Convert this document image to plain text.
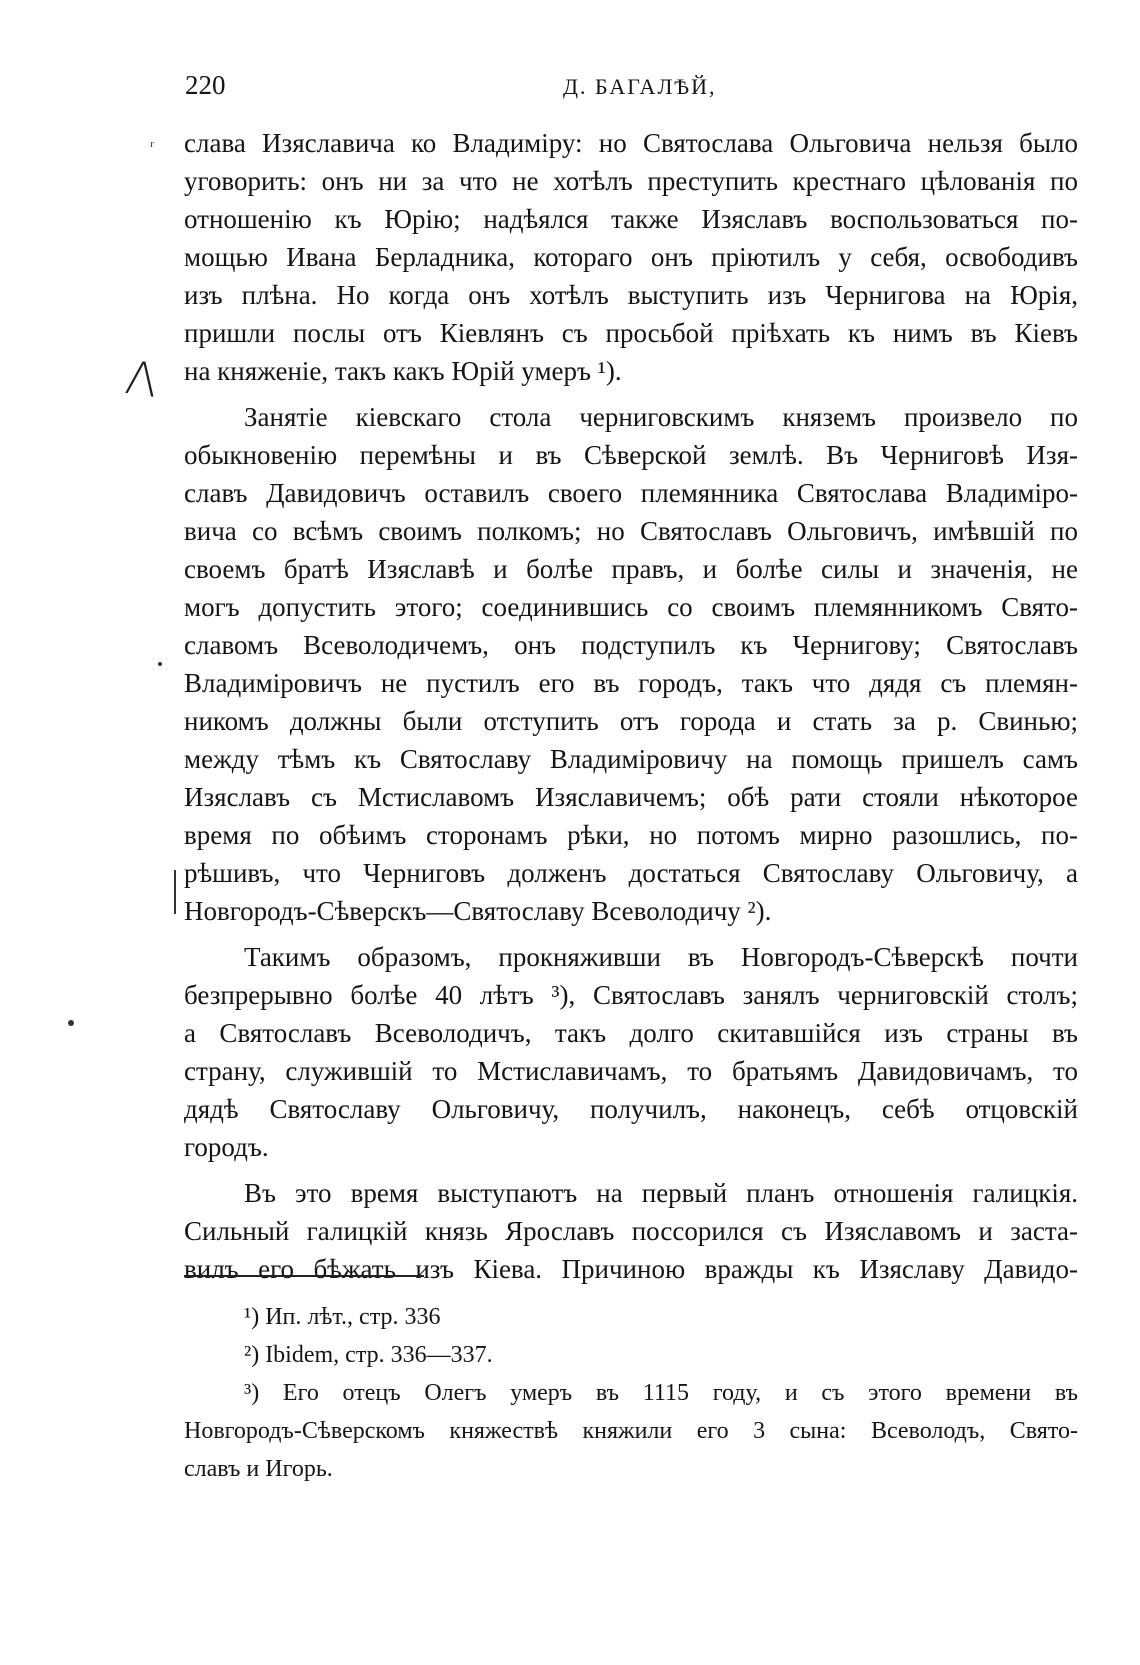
220	Д. БАГАЛѢЙ,
ʳ
Λ
слава Изяславича ко Владиміру: но Святослава Ольговича нельзя было
уговорить: онъ ни за что не хотѣлъ преступить крестнаго цѣлованія по
отношенію къ Юрію; надѣялся также Изяславъ воспользоваться по-
мощью Ивана Берладника, котораго онъ пріютилъ у себя, освободивъ
изъ плѣна. Но когда онъ хотѣлъ выступить изъ Чернигова на Юрія,
пришли послы отъ Кіевлянъ съ просьбой пріѣхать къ нимъ въ Кіевъ
на княженіе, такъ какъ Юрій умеръ ¹).
Занятіе кіевскаго стола черниговскимъ княземъ произвело по
обыкновенію перемѣны и въ Сѣверской землѣ. Въ Черниговѣ Изя-
славъ Давидовичъ оставилъ своего племянника Святослава Владиміро-
вича со всѣмъ своимъ полкомъ; но Святославъ Ольговичъ, имѣвшій по
своемъ братѣ Изяславѣ и болѣе правъ, и болѣе силы и значенія, не
могъ допустить этого; соединившись со своимъ племянникомъ Свято-
славомъ Всеволодичемъ, онъ подступилъ къ Чернигову; Святославъ
Владиміровичъ не пустилъ его въ городъ, такъ что дядя съ племян-
никомъ должны были отступить отъ города и стать за р. Свинью;
между тѣмъ къ Святославу Владиміровичу на помощь пришелъ самъ
Изяславъ съ Мстиславомъ Изяславичемъ; обѣ рати стояли нѣкоторое
время по обѣимъ сторонамъ рѣки, но потомъ мирно разошлись, по-
рѣшивъ, что Черниговъ долженъ достаться Святославу Ольговичу, а
Новгородъ-Сѣверскъ—Святославу Всеволодичу ²).
Такимъ образомъ, прокняживши въ Новгородъ-Сѣверскѣ почти
безпрерывно болѣе 40 лѣтъ ³), Святославъ занялъ черниговскій столъ;
а Святославъ Всеволодичъ, такъ долго скитавшійся изъ страны въ
страну, служившій то Мстиславичамъ, то братьямъ Давидовичамъ, то
дядѣ Святославу Ольговичу, получилъ, наконецъ, себѣ отцовскій
городъ.
Въ это время выступаютъ на первый планъ отношенія галицкія.
Сильный галицкій князь Ярославъ поссорился съ Изяславомъ и заста-
вилъ его бѣжать изъ Кіева. Причиною вражды къ Изяславу Давидо-
¹) Ип. лѣт., стр. 336
²) Ibidem, стр. 336—337.
³) Его отецъ Олегъ умеръ въ 1115 году, и съ этого времени въ
Новгородъ-Сѣверскомъ княжествѣ княжили его 3 сына: Всеволодъ, Свято-
славъ и Игорь.
